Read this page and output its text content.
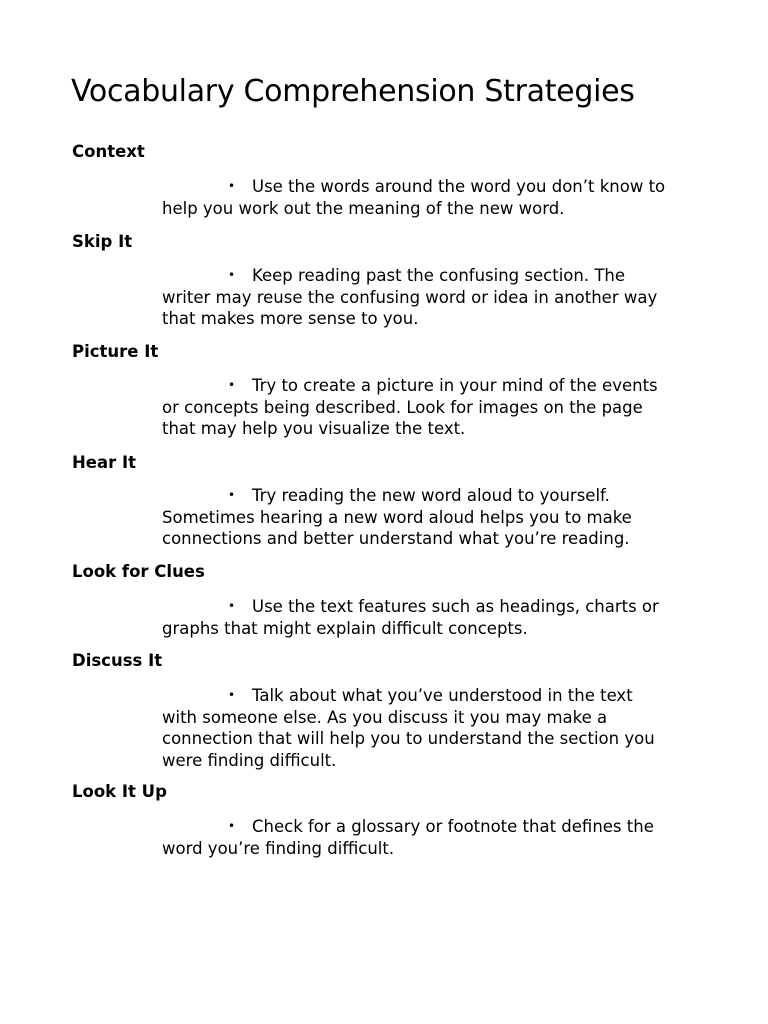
Vocabulary Comprehension Strategies
Context
• Use the words around the word you don’t know to
help you work out the meaning of the new word.
Skip It
• Keep reading past the confusing section. The
writer may reuse the confusing word or idea in another way
that makes more sense to you.
Picture It
• Try to create a picture in your mind of the events
or concepts being described. Look for images on the page
that may help you visualize the text.
Hear It
• Try reading the new word aloud to yourself.
Sometimes hearing a new word aloud helps you to make
connections and better understand what you’re reading.
Look for Clues
• Use the text features such as headings, charts or
graphs that might explain difficult concepts.
Discuss It
• Talk about what you’ve understood in the text
with someone else. As you discuss it you may make a
connection that will help you to understand the section you
were finding difficult.
Look It Up
• Check for a glossary or footnote that defines the
word you’re finding difficult.
